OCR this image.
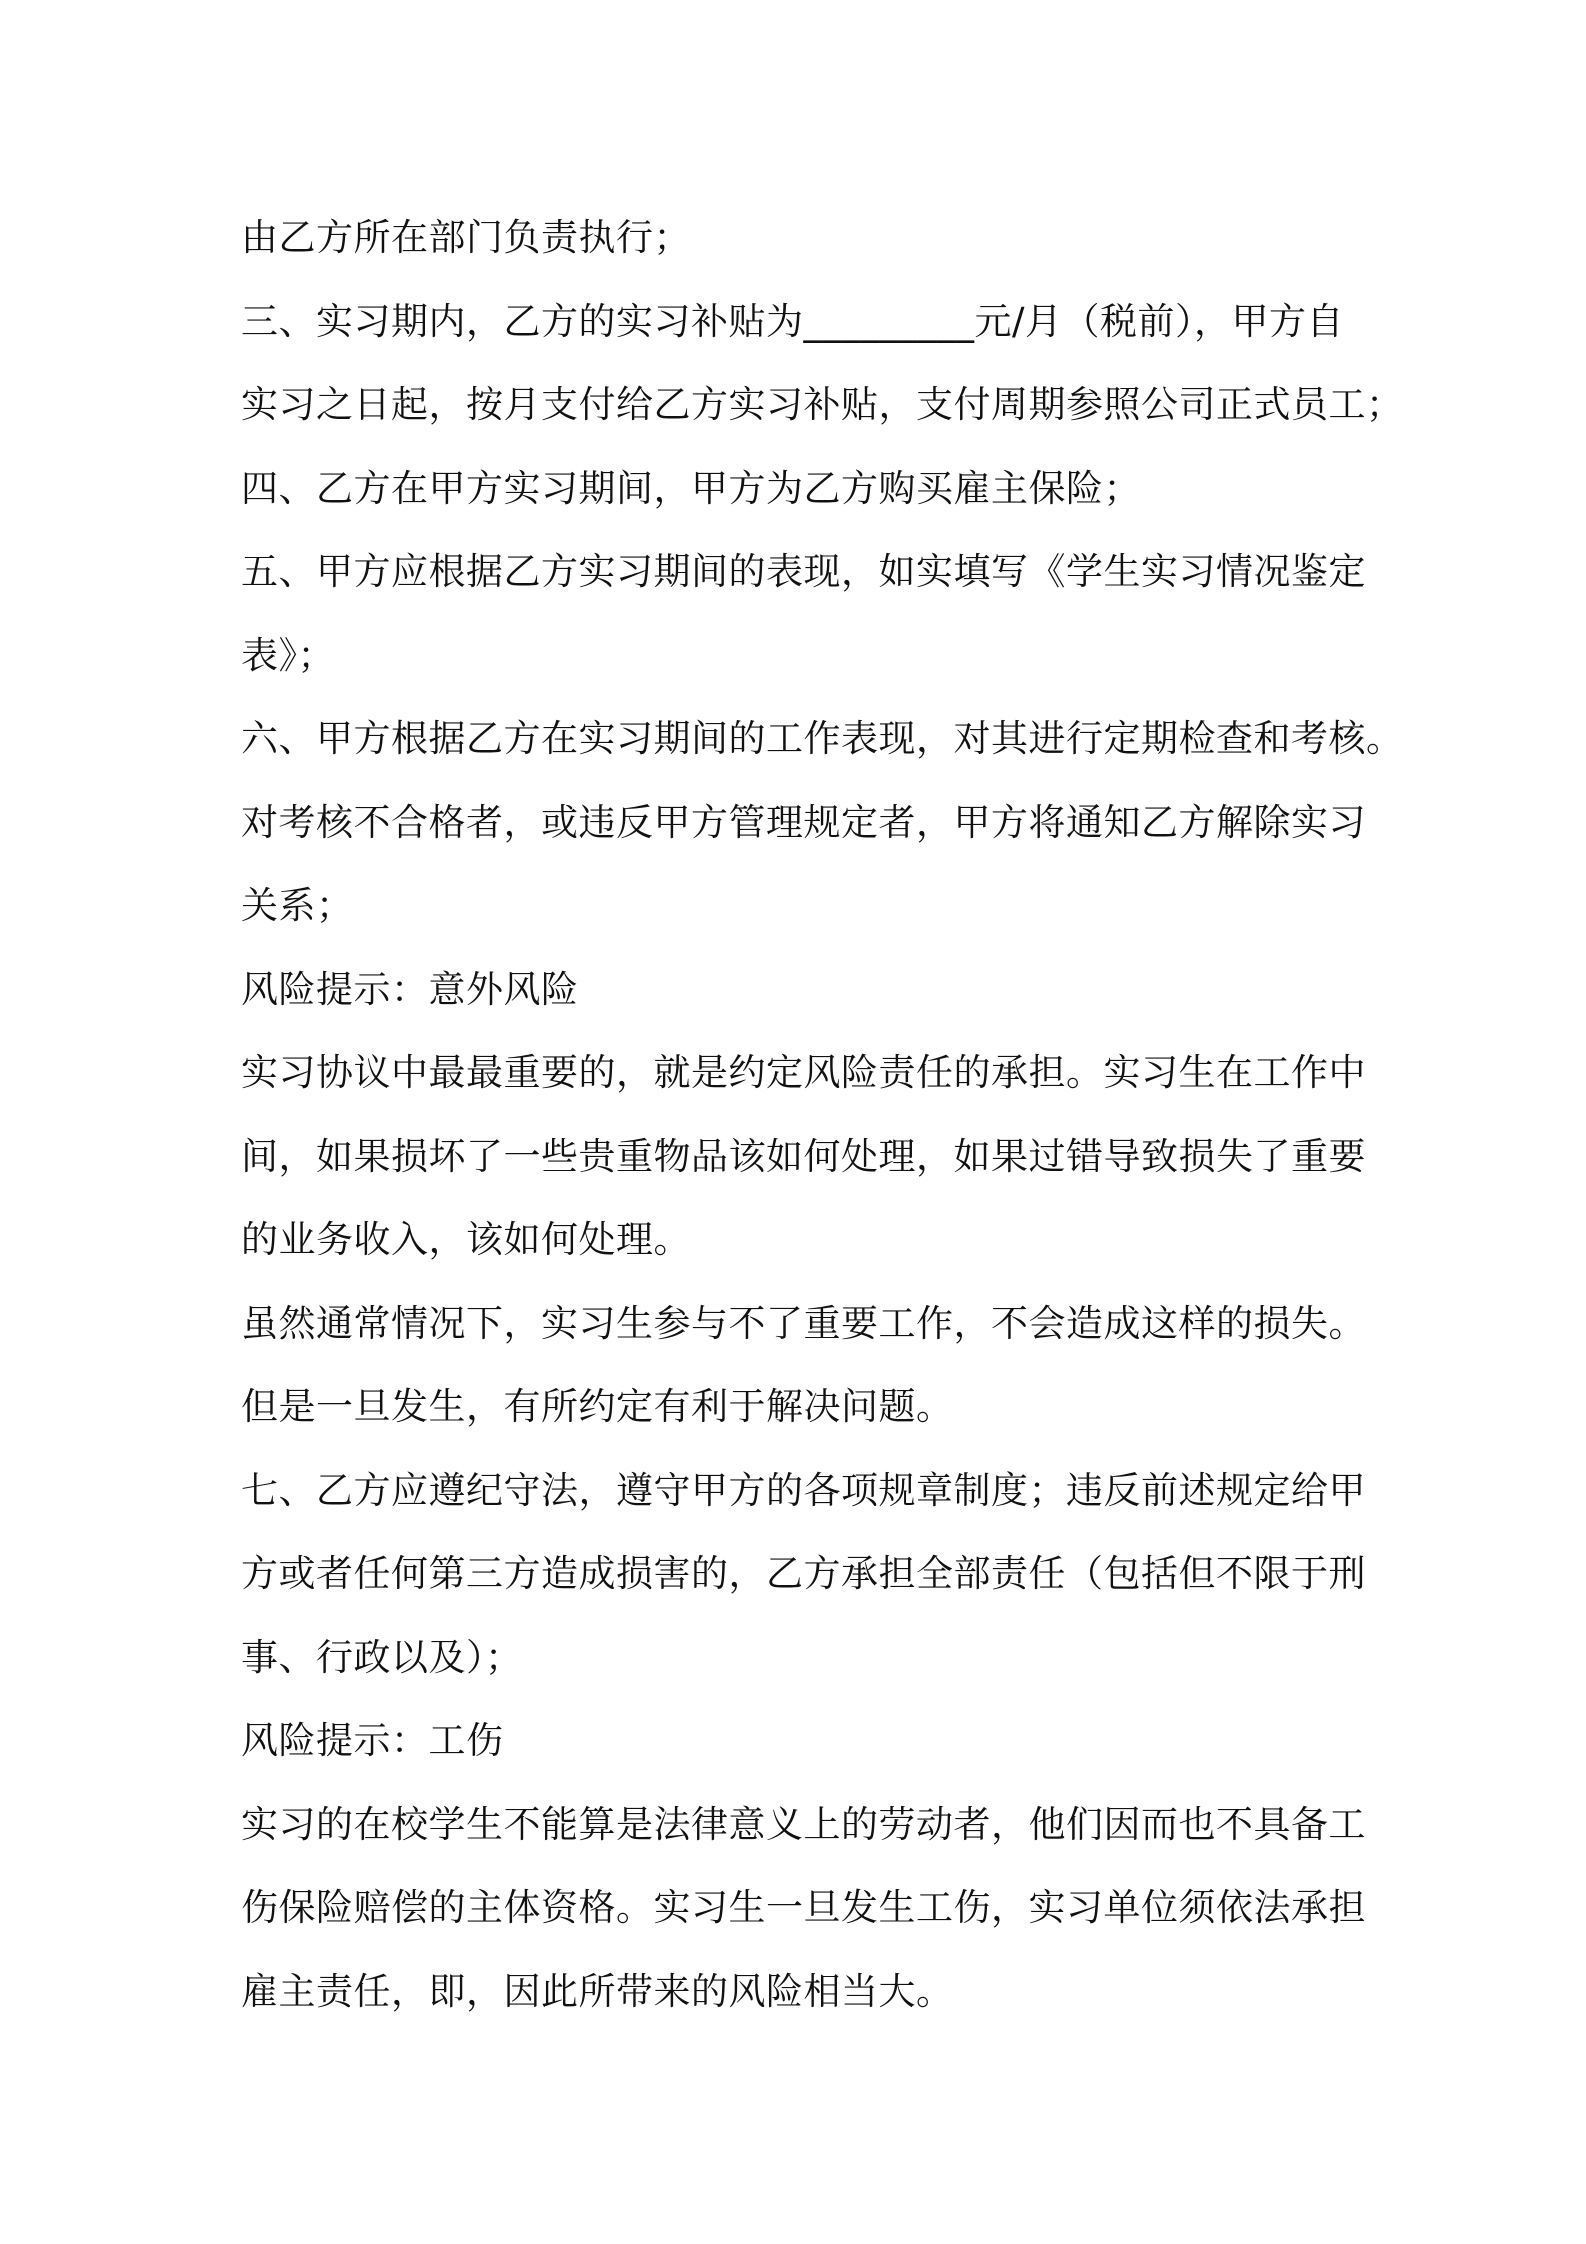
由乙方所在部门负责执行；
三、实习期内，乙方的实习补贴为_________元/月（税前），甲方自
实习之日起，按月支付给乙方实习补贴，支付周期参照公司正式员工；
四、乙方在甲方实习期间，甲方为乙方购买雇主保险；
五、甲方应根据乙方实习期间的表现，如实填写《学生实习情况鉴定
表》；
六、甲方根据乙方在实习期间的工作表现，对其进行定期检查和考核。
对考核不合格者，或违反甲方管理规定者，甲方将通知乙方解除实习
关系；
风险提示：意外风险
实习协议中最最重要的，就是约定风险责任的承担。实习生在工作中
间，如果损坏了一些贵重物品该如何处理，如果过错导致损失了重要
的业务收入，该如何处理。
虽然通常情况下，实习生参与不了重要工作，不会造成这样的损失。
但是一旦发生，有所约定有利于解决问题。
七、乙方应遵纪守法，遵守甲方的各项规章制度；违反前述规定给甲
方或者任何第三方造成损害的，乙方承担全部责任（包括但不限于刑
事、行政以及）；
风险提示：工伤
实习的在校学生不能算是法律意义上的劳动者，他们因而也不具备工
伤保险赔偿的主体资格。实习生一旦发生工伤，实习单位须依法承担
雇主责任，即，因此所带来的风险相当大。
